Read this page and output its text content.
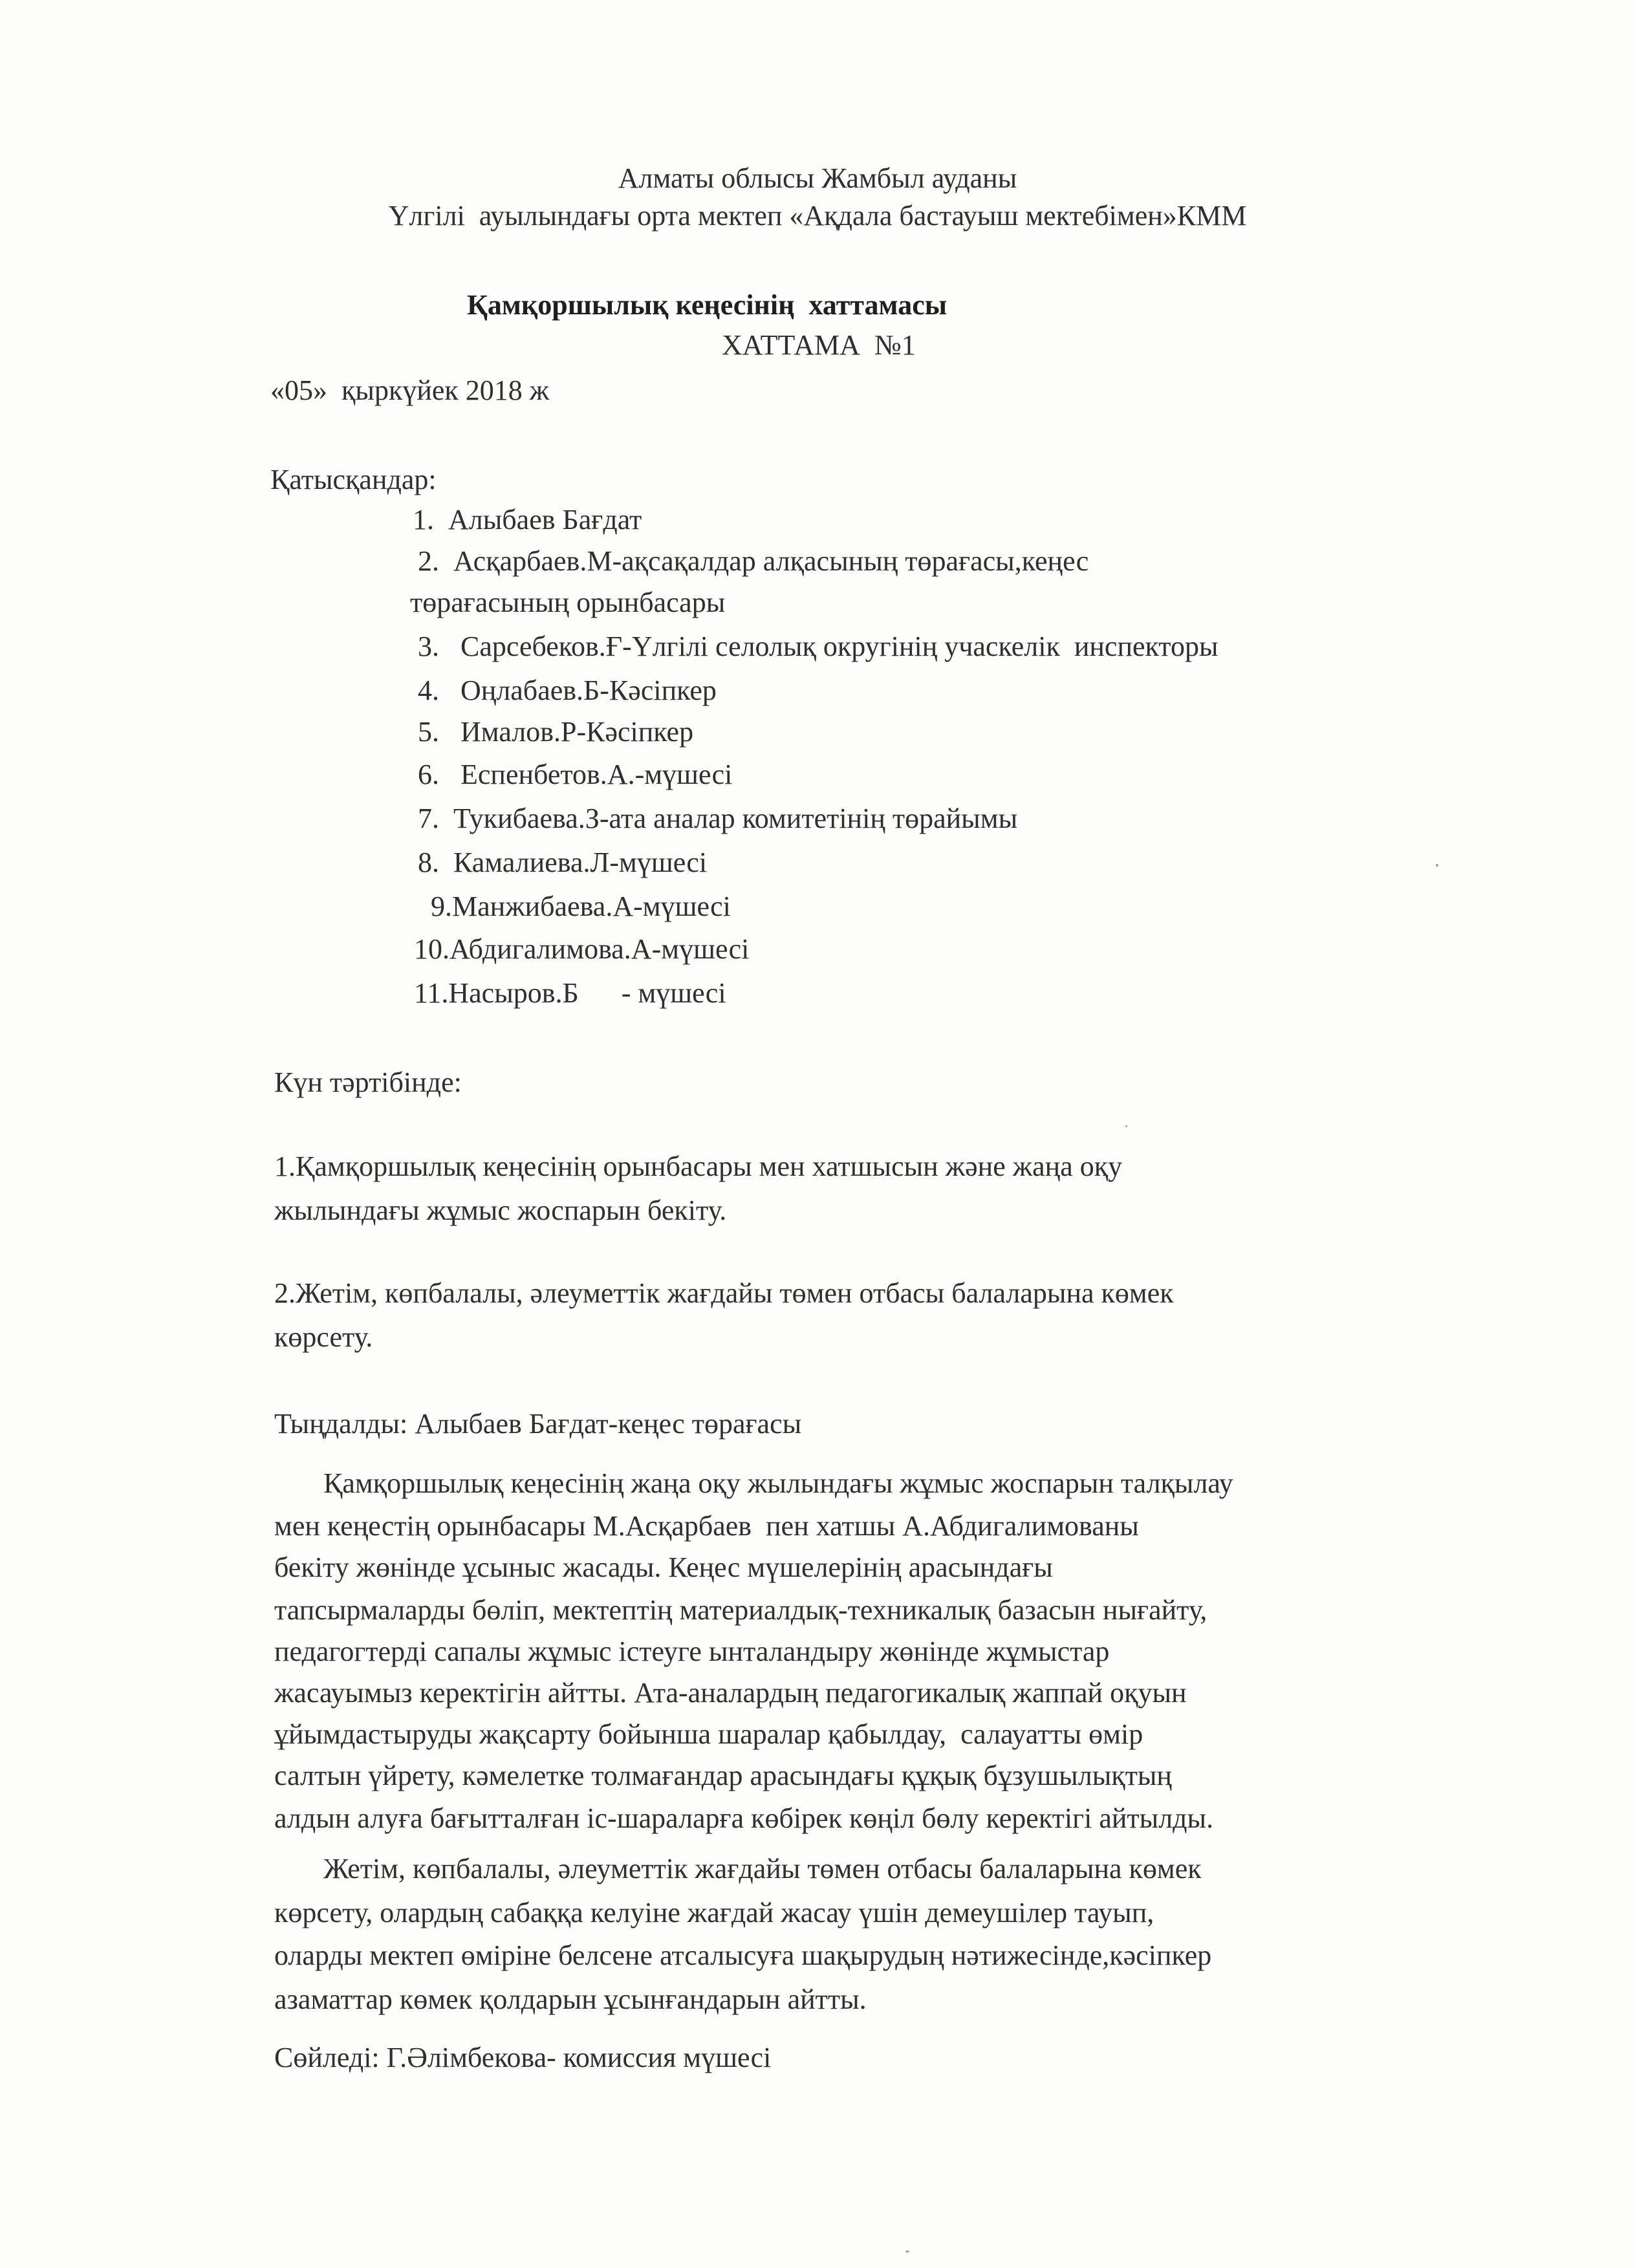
Алматы облысы Жамбыл ауданы
Үлгілі  ауылындағы орта мектеп «Ақдала бастауыш мектебімен»КММ
Қамқоршылық кеңесінің  хаттамасы
ХАТТАМА  №1
«05»  қыркүйек 2018 ж
Қатысқандар:
1.  Алыбаев Бағдат
2.  Асқарбаев.М-ақсақалдар алқасының төрағасы,кеңес
төрағасының орынбасары
3.   Сарсебеков.Ғ-Үлгілі селолық округінің учаскелік  инспекторы
4.   Оңлабаев.Б-Кәсіпкер
5.   Ималов.Р-Кәсіпкер
6.   Еспенбетов.А.-мүшесі
7.  Тукибаева.З-ата аналар комитетінің төрайымы
8.  Камалиева.Л-мүшесі
9.Манжибаева.А-мүшесі
10.Абдигалимова.А-мүшесі
11.Насыров.Б      - мүшесі
Күн тәртібінде:
1.Қамқоршылық кеңесінің орынбасары мен хатшысын және жаңа оқу
жылындағы жұмыс жоспарын бекіту.
2.Жетім, көпбалалы, әлеуметтік жағдайы төмен отбасы балаларына көмек
көрсету.
Тыңдалды: Алыбаев Бағдат-кеңес төрағасы
Қамқоршылық кеңесінің жаңа оқу жылындағы жұмыс жоспарын талқылау
мен кеңестің орынбасары М.Асқарбаев  пен хатшы А.Абдигалимованы
бекіту жөнінде ұсыныс жасады. Кеңес мүшелерінің арасындағы
тапсырмаларды бөліп, мектептің материалдық-техникалық базасын нығайту,
педагогтерді сапалы жұмыс істеуге ынталандыру жөнінде жұмыстар
жасауымыз керектігін айтты. Ата-аналардың педагогикалық жаппай оқуын
ұйымдастыруды жақсарту бойынша шаралар қабылдау,  салауатты өмір
салтын үйрету, кәмелетке толмағандар арасындағы құқық бұзушылықтың
алдын алуға бағытталған іс-шараларға көбірек көңіл бөлу керектігі айтылды.
Жетім, көпбалалы, әлеуметтік жағдайы төмен отбасы балаларына көмек
көрсету, олардың сабаққа келуіне жағдай жасау үшін демеушілер тауып,
оларды мектеп өміріне белсене атсалысуға шақырудың нәтижесінде,кәсіпкер
азаматтар көмек қолдарын ұсынғандарын айтты.
Сөйледі: Г.Әлімбекова- комиссия мүшесі
